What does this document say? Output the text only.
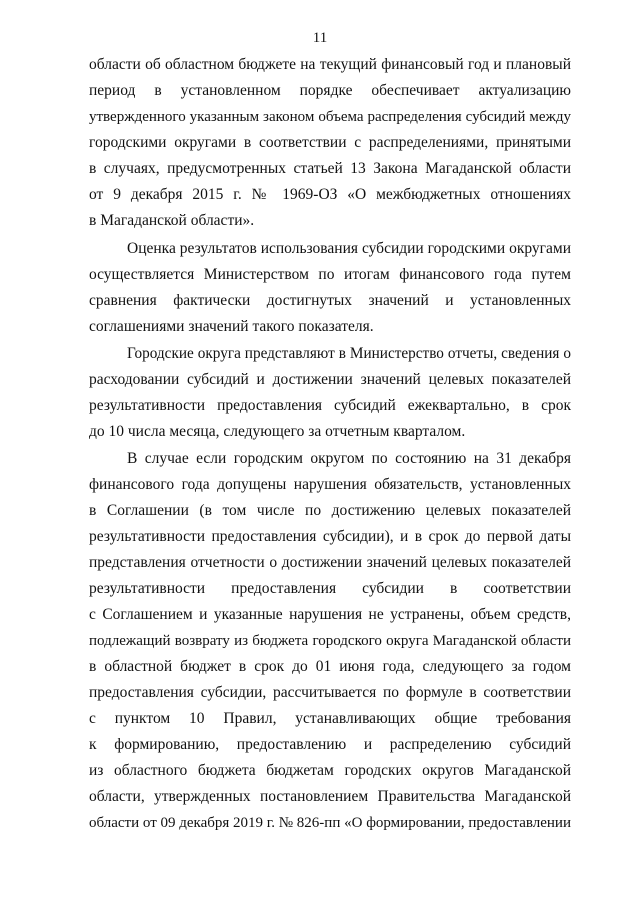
11
области об областном бюджете на текущий финансовый год и плановый
период в установленном порядке обеспечивает актуализацию
утвержденного указанным законом объема распределения субсидий между
городскими округами в соответствии с распределениями, принятыми
в случаях, предусмотренных статьей 13 Закона Магаданской области
от 9 декабря 2015 г. № 1969-ОЗ «О межбюджетных отношениях
в Магаданской области».
Оценка результатов использования субсидии городскими округами
осуществляется Министерством по итогам финансового года путем
сравнения фактически достигнутых значений и установленных
соглашениями значений такого показателя.
Городские округа представляют в Министерство отчеты, сведения о
расходовании субсидий и достижении значений целевых показателей
результативности предоставления субсидий ежеквартально, в срок
до 10 числа месяца, следующего за отчетным кварталом.
В случае если городским округом по состоянию на 31 декабря
финансового года допущены нарушения обязательств, установленных
в Соглашении (в том числе по достижению целевых показателей
результативности предоставления субсидии), и в срок до первой даты
представления отчетности о достижении значений целевых показателей
результативности предоставления субсидии в соответствии
с Соглашением и указанные нарушения не устранены, объем средств,
подлежащий возврату из бюджета городского округа Магаданской области
в областной бюджет в срок до 01 июня года, следующего за годом
предоставления субсидии, рассчитывается по формуле в соответствии
с пунктом 10 Правил, устанавливающих общие требования
к формированию, предоставлению и распределению субсидий
из областного бюджета бюджетам городских округов Магаданской
области, утвержденных постановлением Правительства Магаданской
области от 09 декабря 2019 г. № 826-пп «О формировании, предоставлении
